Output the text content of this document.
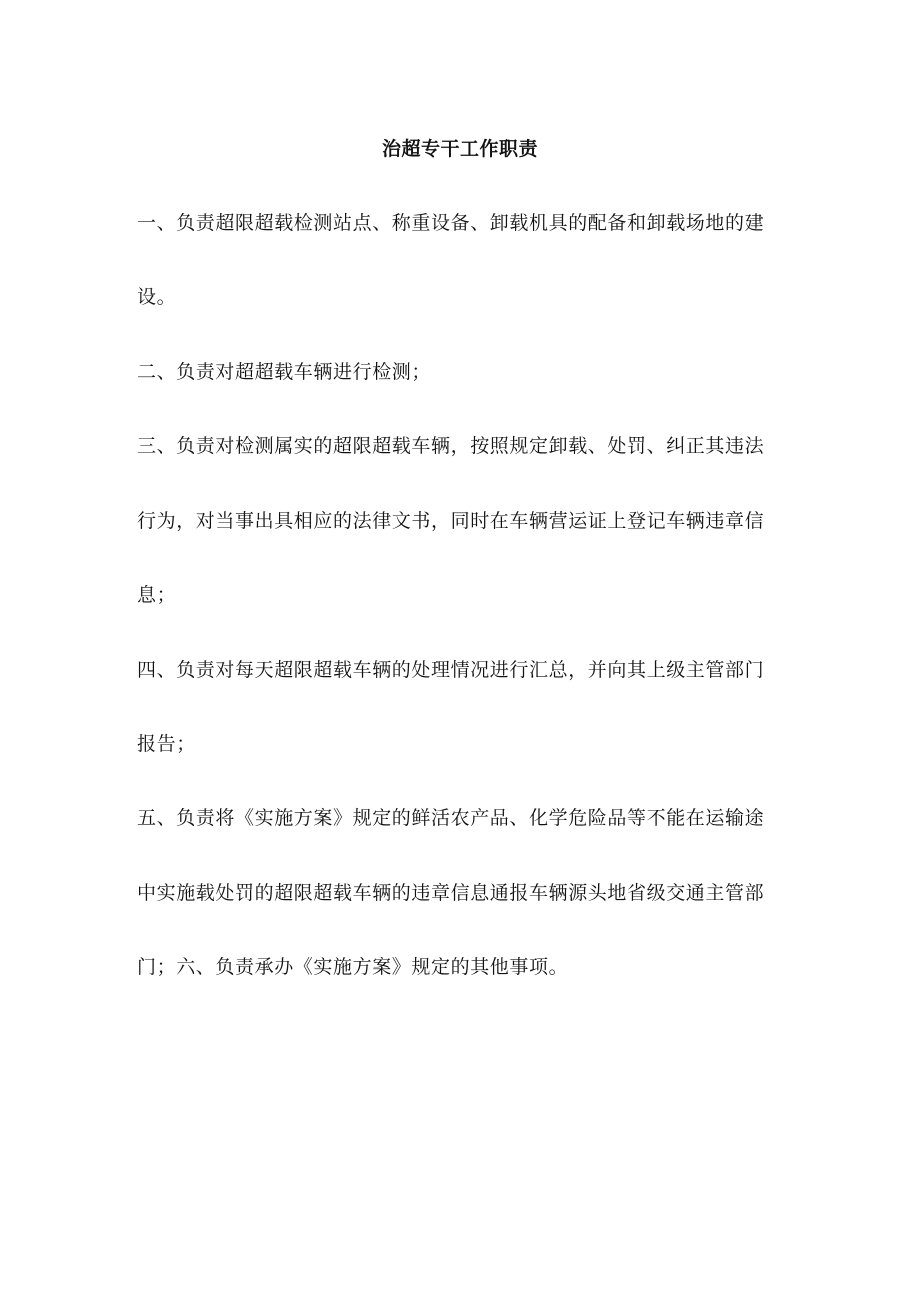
治超专干工作职责
一、负责超限超载检测站点、称重设备、卸载机具的配备和卸载场地的建
设。
二、负责对超超载车辆进行检测；
三、负责对检测属实的超限超载车辆，按照规定卸载、处罚、纠正其违法
行为，对当事出具相应的法律文书，同时在车辆营运证上登记车辆违章信
息；
四、负责对每天超限超载车辆的处理情况进行汇总，并向其上级主管部门
报告；
五、负责将《实施方案》规定的鲜活农产品、化学危险品等不能在运输途
中实施载处罚的超限超载车辆的违章信息通报车辆源头地省级交通主管部
门；六、负责承办《实施方案》规定的其他事项。
